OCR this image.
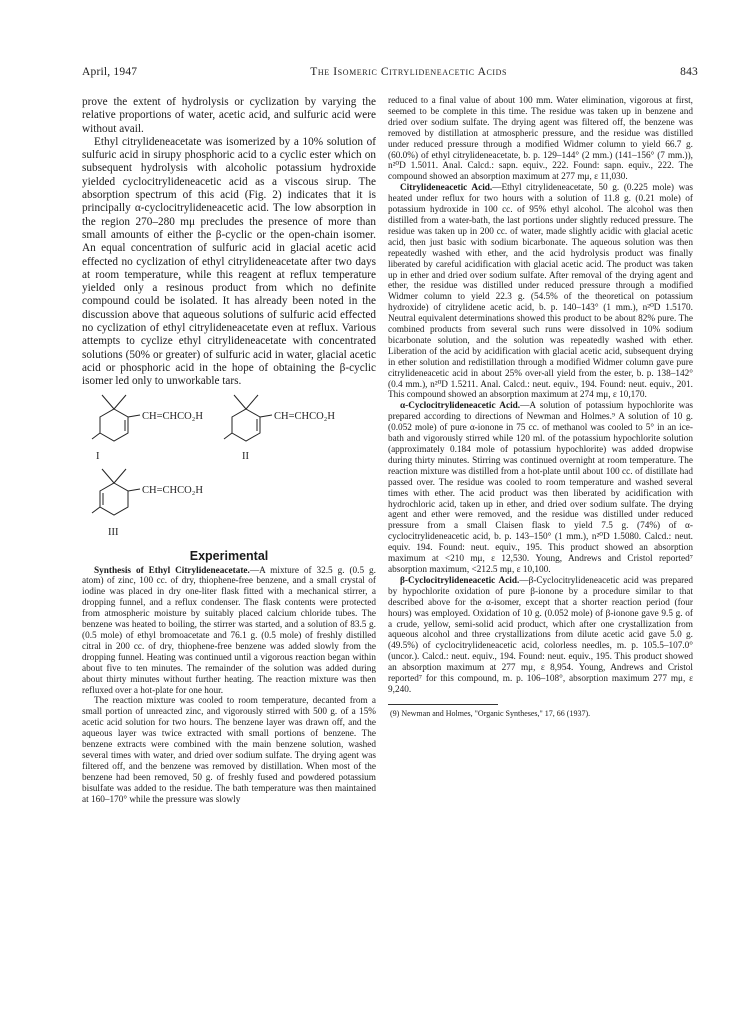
April, 1947	The Isomeric Citrylideneacetic Acids	843

prove the extent of hydrolysis or cyclization by varying the relative proportions of water, acetic acid, and sulfuric acid were without avail.

Ethyl citrylideneacetate was isomerized by a 10% solution of sulfuric acid in sirupy phosphoric acid to a cyclic ester which on subsequent hydrolysis with alcoholic potassium hydroxide yielded cyclocitrylideneacetic acid as a viscous sirup. The absorption spectrum of this acid (Fig. 2) indicates that it is principally α-cyclocitrylideneacetic acid. The low absorption in the region 270–280 mμ precludes the presence of more than small amounts of either the β-cyclic or the open-chain isomer. An equal concentration of sulfuric acid in glacial acetic acid effected no cyclization of ethyl citrylideneacetate after two days at room temperature, while this reagent at reflux temperature yielded only a resinous product from which no definite compound could be isolated. It has already been noted in the discussion above that aqueous solutions of sulfuric acid effected no cyclization of ethyl citrylideneacetate even at reflux. Various attempts to cyclize ethyl citrylideneacetate with concentrated solutions (50% or greater) of sulfuric acid in water, glacial acetic acid or phosphoric acid in the hope of obtaining the β-cyclic isomer led only to unworkable tars.

CH=CHCO₂H
I
CH=CHCO₂H
II
CH=CHCO₂H
III
Experimental

Synthesis of Ethyl Citrylideneacetate.—A mixture of 32.5 g. (0.5 g. atom) of zinc, 100 cc. of dry, thiophene-free benzene, and a small crystal of iodine was placed in dry one-liter flask fitted with a mechanical stirrer, a dropping funnel, and a reflux condenser. The flask contents were protected from atmospheric moisture by suitably placed calcium chloride tubes. The benzene was heated to boiling, the stirrer was started, and a solution of 83.5 g. (0.5 mole) of ethyl bromoacetate and 76.1 g. (0.5 mole) of freshly distilled citral in 200 cc. of dry, thiophene-free benzene was added slowly from the dropping funnel. Heating was continued until a vigorous reaction began within about five to ten minutes. The remainder of the solution was added during about thirty minutes without further heating. The reaction mixture was then refluxed over a hot-plate for one hour.

The reaction mixture was cooled to room temperature, decanted from a small portion of unreacted zinc, and vigorously stirred with 500 g. of a 15% acetic acid solution for two hours. The benzene layer was drawn off, and the aqueous layer was twice extracted with small portions of benzene. The benzene extracts were combined with the main benzene solution, washed several times with water, and dried over sodium sulfate. The drying agent was filtered off, and the benzene was removed by distillation. When most of the benzene had been removed, 50 g. of freshly fused and powdered potassium bisulfate was added to the residue. The bath temperature was then maintained at 160–170° while the pressure was slowly

reduced to a final value of about 100 mm. Water elimination, vigorous at first, seemed to be complete in this time. The residue was taken up in benzene and dried over sodium sulfate. The drying agent was filtered off, the benzene was removed by distillation at atmospheric pressure, and the residue was distilled under reduced pressure through a modified Widmer column to yield 66.7 g. (60.0%) of ethyl citrylideneacetate, b. p. 129–144° (2 mm.) (141–156° (7 mm.)), n²⁰D 1.5011. Anal. Calcd.: sapn. equiv., 222. Found: sapn. equiv., 222. The compound showed an absorption maximum at 277 mμ, ε 11,030.

Citrylideneacetic Acid.—Ethyl citrylideneacetate, 50 g. (0.225 mole) was heated under reflux for two hours with a solution of 11.8 g. (0.21 mole) of potassium hydroxide in 100 cc. of 95% ethyl alcohol. The alcohol was then distilled from a water-bath, the last portions under slightly reduced pressure. The residue was taken up in 200 cc. of water, made slightly acidic with glacial acetic acid, then just basic with sodium bicarbonate. The aqueous solution was then repeatedly washed with ether, and the acid hydrolysis product was finally liberated by careful acidification with glacial acetic acid. The product was taken up in ether and dried over sodium sulfate. After removal of the drying agent and ether, the residue was distilled under reduced pressure through a modified Widmer column to yield 22.3 g. (54.5% of the theoretical on potassium hydroxide) of citrylidene acetic acid, b. p. 140–143° (1 mm.), n²⁰D 1.5170. Neutral equivalent determinations showed this product to be about 82% pure. The combined products from several such runs were dissolved in 10% sodium bicarbonate solution, and the solution was repeatedly washed with ether. Liberation of the acid by acidification with glacial acetic acid, subsequent drying in ether solution and redistillation through a modified Widmer column gave pure citrylideneacetic acid in about 25% over-all yield from the ester, b. p. 138–142° (0.4 mm.), n²⁰D 1.5211. Anal. Calcd.: neut. equiv., 194. Found: neut. equiv., 201. This compound showed an absorption maximum at 274 mμ, ε 10,170.

α-Cyclocitrylideneacetic Acid.—A solution of potassium hypochlorite was prepared according to directions of Newman and Holmes.⁹ A solution of 10 g. (0.052 mole) of pure α-ionone in 75 cc. of methanol was cooled to 5° in an ice-bath and vigorously stirred while 120 ml. of the potassium hypochlorite solution (approximately 0.184 mole of potassium hypochlorite) was added dropwise during thirty minutes. Stirring was continued overnight at room temperature. The reaction mixture was distilled from a hot-plate until about 100 cc. of distillate had passed over. The residue was cooled to room temperature and washed several times with ether. The acid product was then liberated by acidification with hydrochloric acid, taken up in ether, and dried over sodium sulfate. The drying agent and ether were removed, and the residue was distilled under reduced pressure from a small Claisen flask to yield 7.5 g. (74%) of α-cyclocitrylideneacetic acid, b. p. 143–150° (1 mm.), n²⁰D 1.5080. Calcd.: neut. equiv. 194. Found: neut. equiv., 195. This product showed an absorption maximum at <210 mμ, ε 12,530. Young, Andrews and Cristol reported⁷ absorption maximum, <212.5 mμ, ε 10,100.

β-Cyclocitrylideneacetic Acid.—β-Cyclocitrylideneacetic acid was prepared by hypochlorite oxidation of pure β-ionone by a procedure similar to that described above for the α-isomer, except that a shorter reaction period (four hours) was employed. Oxidation of 10 g. (0.052 mole) of β-ionone gave 9.5 g. of a crude, yellow, semi-solid acid product, which after one crystallization from aqueous alcohol and three crystallizations from dilute acetic acid gave 5.0 g. (49.5%) of cyclocitrylideneacetic acid, colorless needles, m. p. 105.5–107.0° (uncor.). Calcd.: neut. equiv., 194. Found: neut. equiv., 195. This product showed an absorption maximum at 277 mμ, ε 8,954. Young, Andrews and Cristol reported⁷ for this compound, m. p. 106–108°, absorption maximum 277 mμ, ε 9,240.

(9) Newman and Holmes, "Organic Syntheses," 17, 66 (1937).
